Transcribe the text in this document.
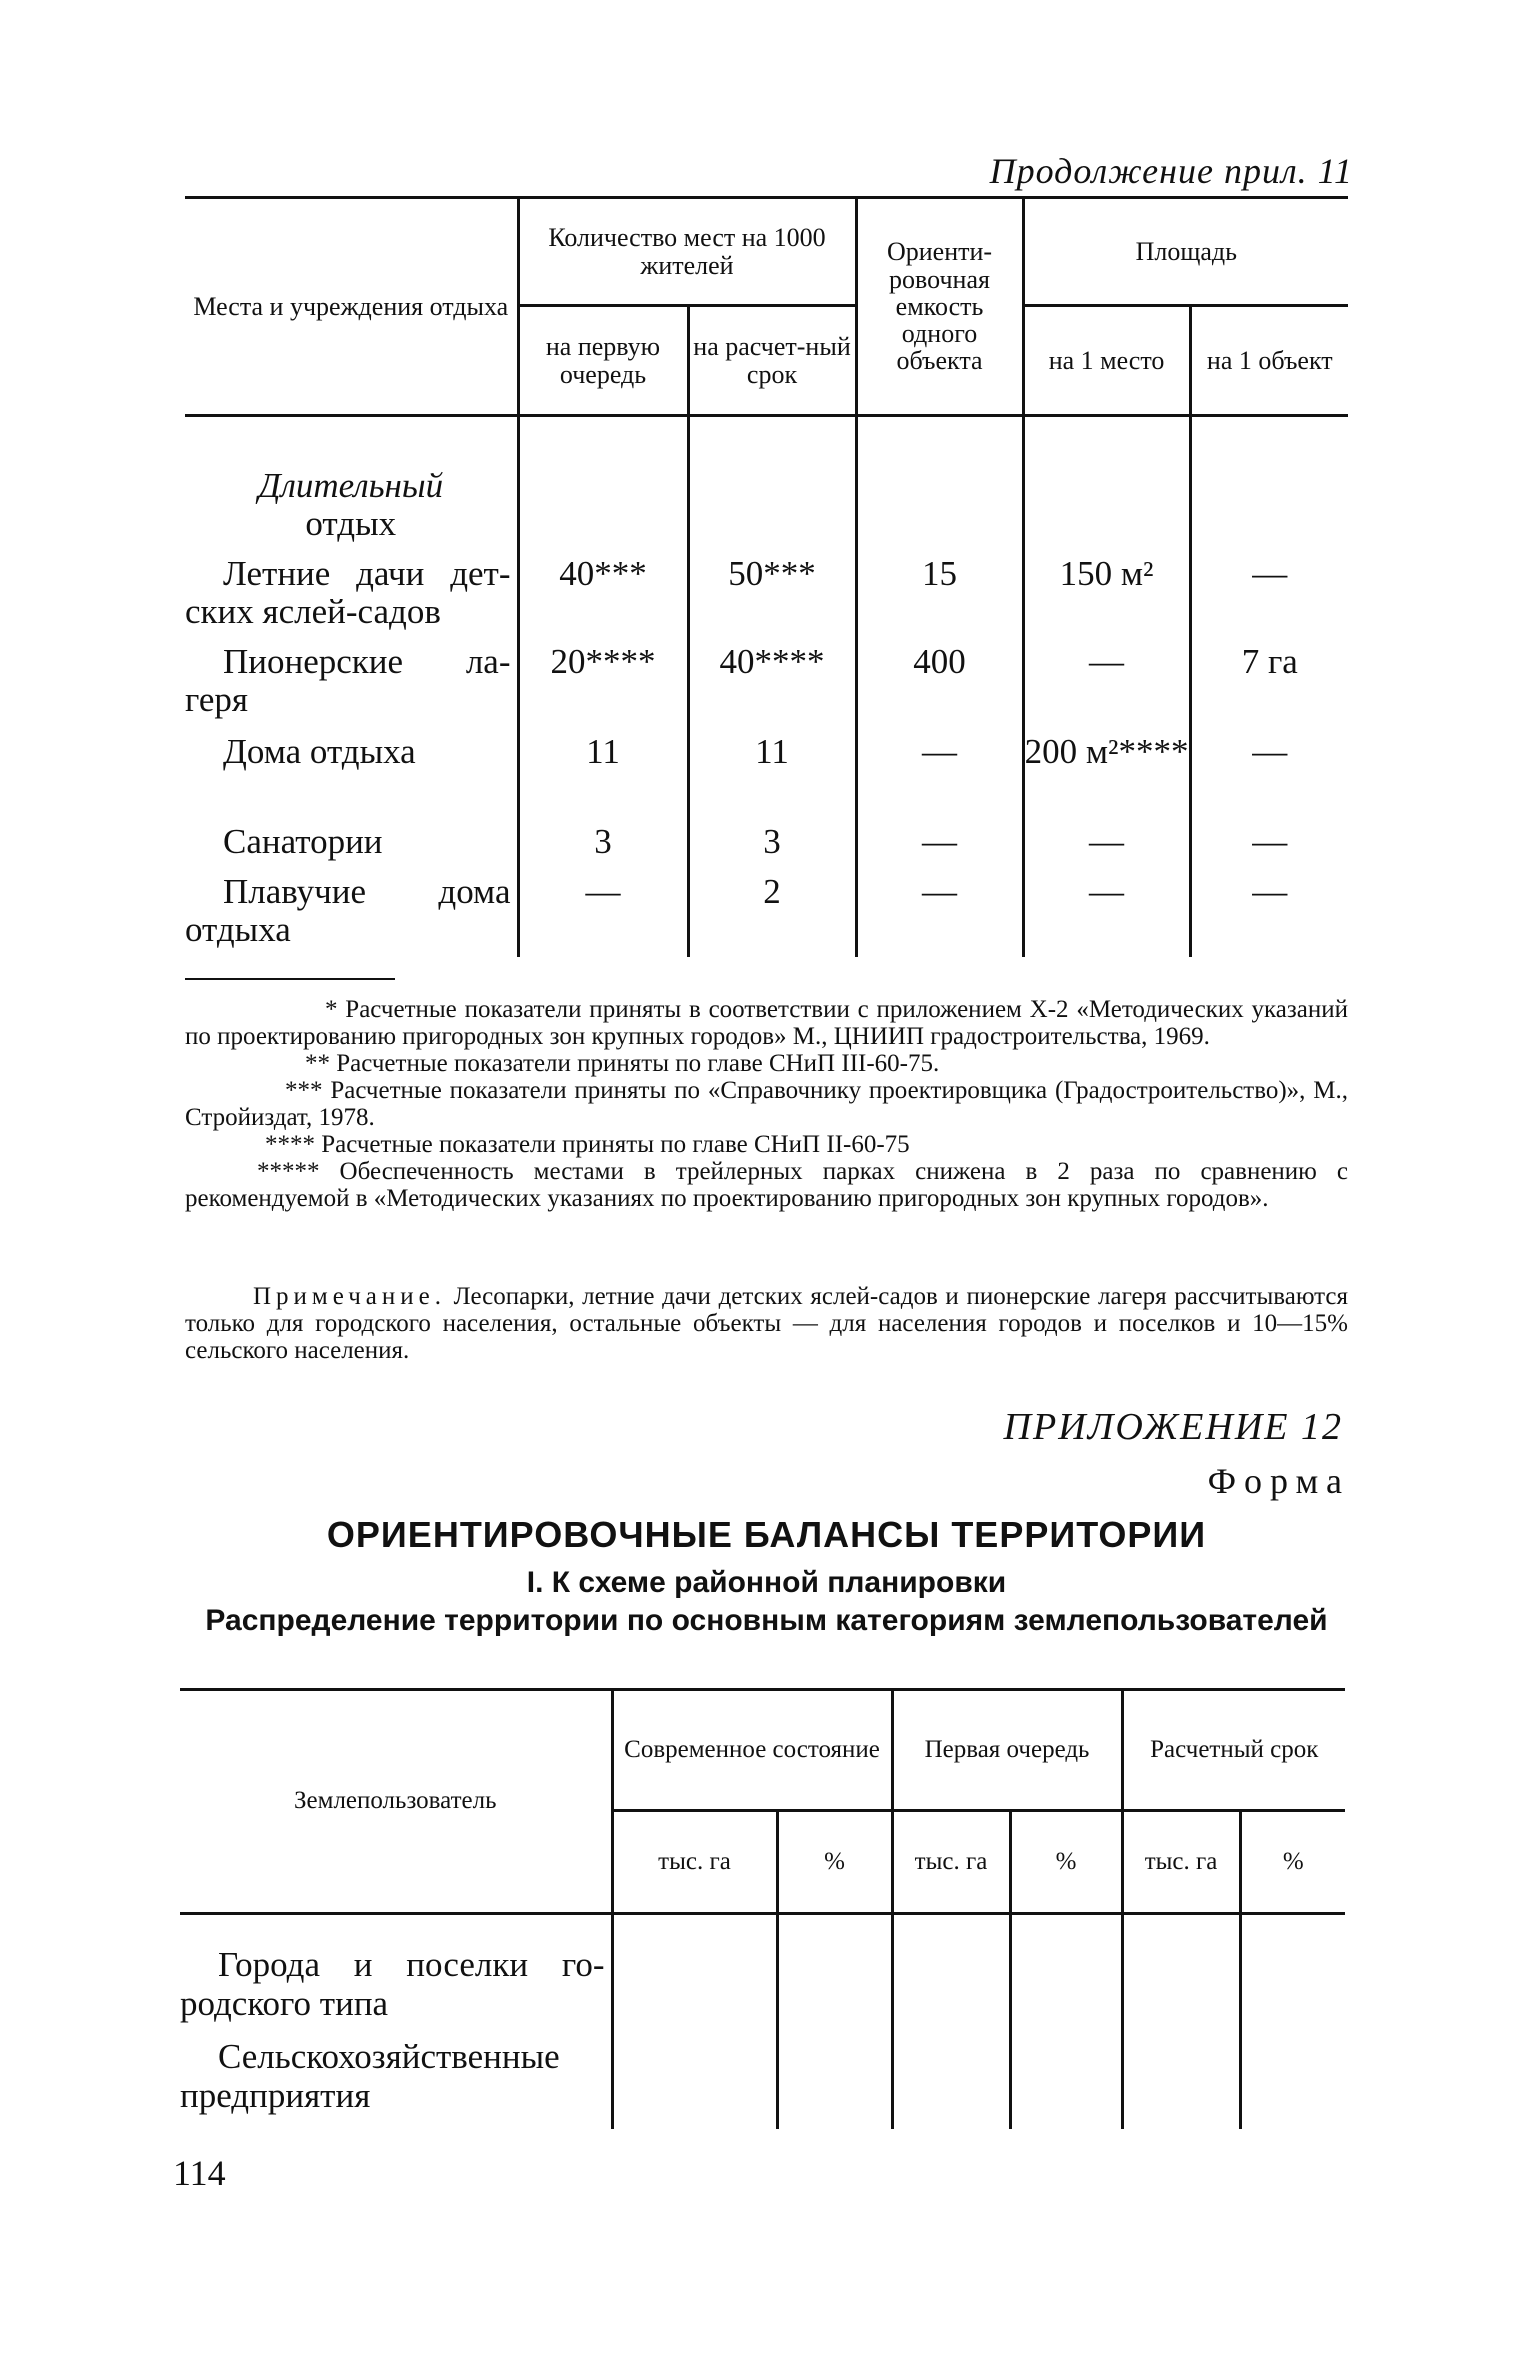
Продолжение прил. 11
Места и учреждения отдыха	Количество мест на 1000 жителей		Ориенти-ровочная емкость одного объекта	Площадь	
	на первую очередь	на расчет-ный срок		на 1 место	на 1 объект

Длительный					
отдых					
Летние дачи дет-ских яслей-садов	40***	50***	15	150 м²	—
Пионерские ла-геря	20****	40****	400	—	7 га
Дома отдыха	11	11	—	200 м²****	—
Санатории	3	3	—	—	—
Плавучие дома отдыха	—	2	—	—	—

* Расчетные показатели приняты в соответствии с приложением Х-2 «Методических указаний по проектированию пригородных зон крупных городов» М., ЦНИИП градостроительства, 1969.

** Расчетные показатели приняты по главе СНиП III-60-75.

*** Расчетные показатели приняты по «Справочнику проектировщика (Градостроительство)», М., Стройиздат, 1978.

**** Расчетные показатели приняты по главе СНиП II-60-75

***** Обеспеченность местами в трейлерных парках снижена в 2 раза по сравнению с рекомендуемой в «Методических указаниях по проектированию пригородных зон крупных городов».

Примечание. Лесопарки, летние дачи детских яслей-садов и пионерские лагеря рассчитываются только для городского населения, остальные объекты — для населения городов и поселков и 10—15% сельского населения.
ПРИЛОЖЕНИЕ 12
Форма
ОРИЕНТИРОВОЧНЫЕ БАЛАНСЫ ТЕРРИТОРИИ
I. К схеме районной планировки
Распределение территории по основным категориям землепользователей
Землепользователь	Современное состояние		Первая очередь		Расчетный срок	
	тыс. га	%	тыс. га	%	тыс. га	%

Города и поселки го-родского типа						
Сельскохозяйственные предприятия						
114
